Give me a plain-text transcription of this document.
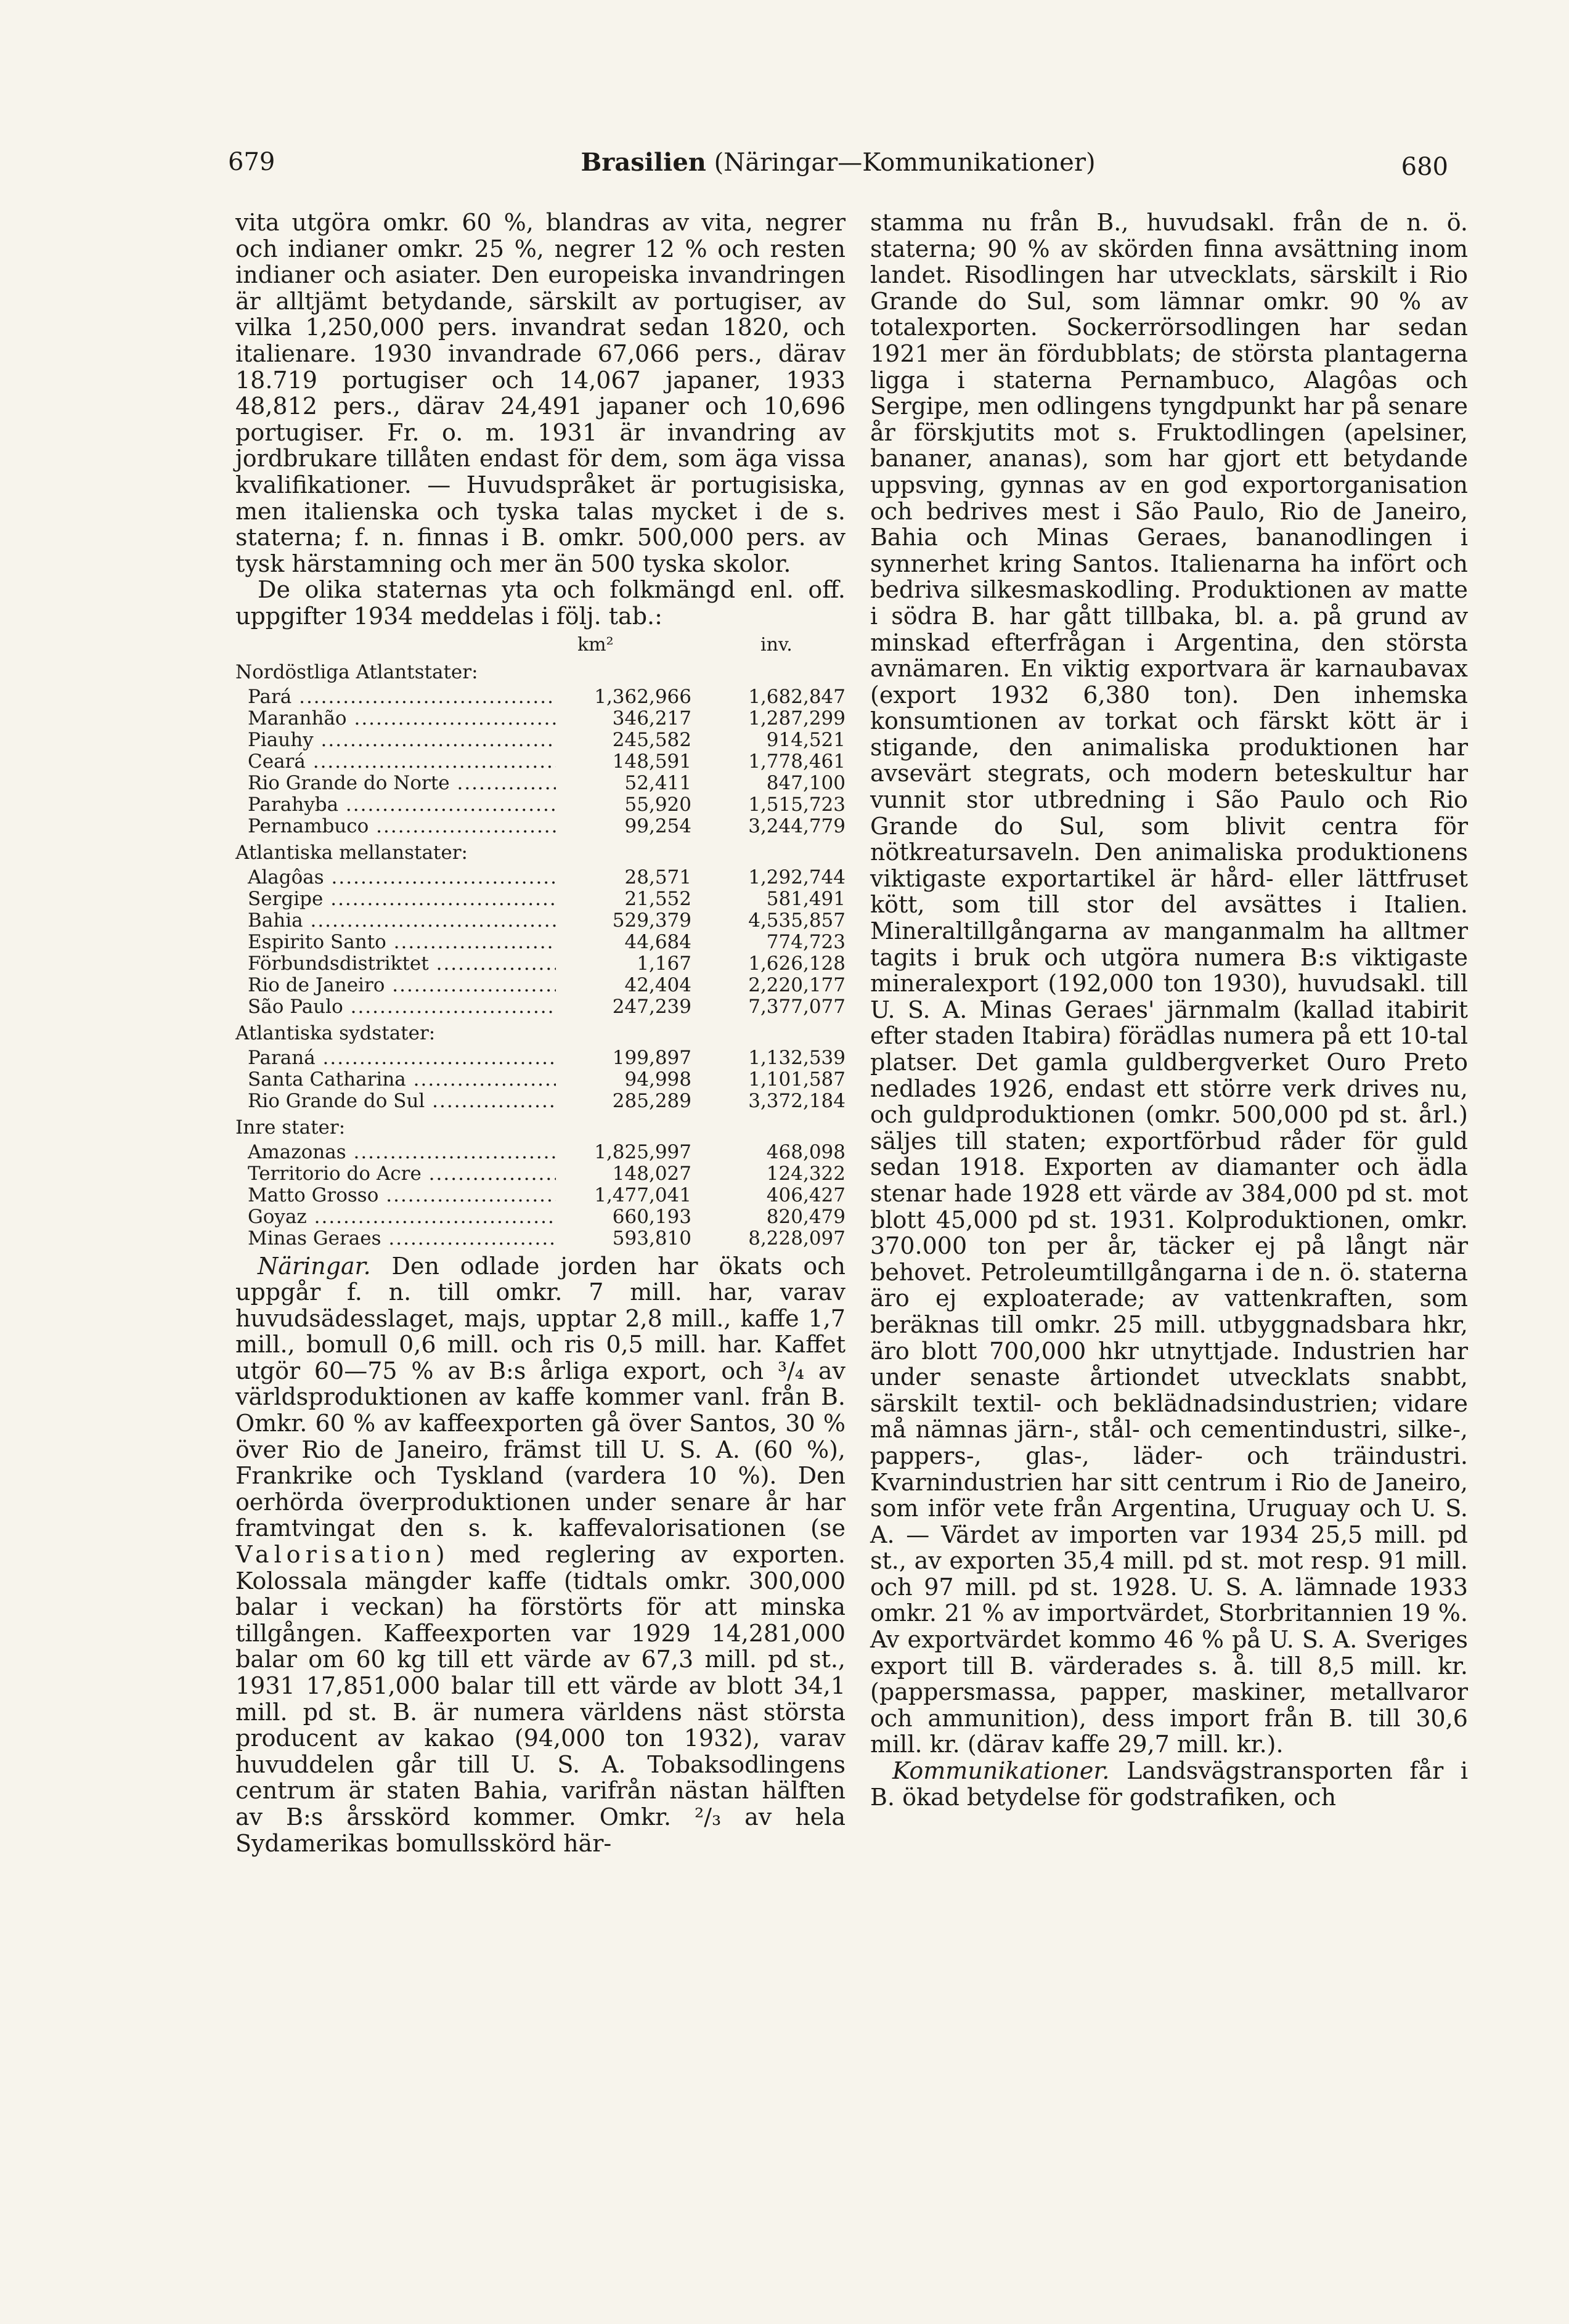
679	Brasilien (Näringar—Kommunikationer)	680

vita utgöra omkr. 60 %, blandras av vita, negrer och indianer omkr. 25 %, negrer 12 % och resten indianer och asiater. Den europeiska invandringen är alltjämt betydande, särskilt av portugiser, av vilka 1,250,000 pers. invandrat sedan 1820, och italienare. 1930 invandrade 67,066 pers., därav 18.719 portugiser och 14,067 japaner, 1933 48,812 pers., därav 24,491 japaner och 10,696 portugiser. Fr. o. m. 1931 är invandring av jordbrukare tillåten endast för dem, som äga vissa kvalifikationer. — Huvudspråket är portugisiska, men italienska och tyska talas mycket i de s. staterna; f. n. finnas i B. omkr. 500,000 pers. av tysk härstamning och mer än 500 tyska skolor.

De olika staternas yta och folkmängd enl. off. uppgifter 1934 meddelas i följ. tab.:

km²	inv.
Nordöstliga Atlantstater:
Pará .....	1,362,966	1,682,847
Maranhão .....	346,217	1,287,299
Piauhy .....	245,582	914,521
Ceará .....	148,591	1,778,461
Rio Grande do Norte .....	52,411	847,100
Parahyba .....	55,920	1,515,723
Pernambuco .....	99,254	3,244,779
Atlantiska mellanstater:
Alagôas .....	28,571	1,292,744
Sergipe .....	21,552	581,491
Bahia .....	529,379	4,535,857
Espirito Santo .....	44,684	774,723
Förbundsdistriktet .....	1,167	1,626,128
Rio de Janeiro .....	42,404	2,220,177
São Paulo .....	247,239	7,377,077
Atlantiska sydstater:
Paraná .....	199,897	1,132,539
Santa Catharina .....	94,998	1,101,587
Rio Grande do Sul .....	285,289	3,372,184
Inre stater:
Amazonas .....	1,825,997	468,098
Territorio do Acre .....	148,027	124,322
Matto Grosso .....	1,477,041	406,427
Goyaz .....	660,193	820,479
Minas Geraes .....	593,810	8,228,097

Näringar. Den odlade jorden har ökats och uppgår f. n. till omkr. 7 mill. har, varav huvudsädesslaget, majs, upptar 2,8 mill., kaffe 1,7 mill., bomull 0,6 mill. och ris 0,5 mill. har. Kaffet utgör 60—75 % av B:s årliga export, och ³/₄ av världsproduktionen av kaffe kommer vanl. från B. Omkr. 60 % av kaffeexporten gå över Santos, 30 % över Rio de Janeiro, främst till U. S. A. (60 %), Frankrike och Tyskland (vardera 10 %). Den oerhörda överproduktionen under senare år har framtvingat den s. k. kaffevalorisationen (se Valorisation) med reglering av exporten. Kolossala mängder kaffe (tidtals omkr. 300,000 balar i veckan) ha förstörts för att minska tillgången. Kaffeexporten var 1929 14,281,000 balar om 60 kg till ett värde av 67,3 mill. pd st., 1931 17,851,000 balar till ett värde av blott 34,1 mill. pd st. B. är numera världens näst största producent av kakao (94,000 ton 1932), varav huvuddelen går till U. S. A. Tobaksodlingens centrum är staten Bahia, varifrån nästan hälften av B:s årsskörd kommer. Omkr. ²/₃ av hela Sydamerikas bomullsskörd här-

stamma nu från B., huvudsakl. från de n. ö. staterna; 90 % av skörden finna avsättning inom landet. Risodlingen har utvecklats, särskilt i Rio Grande do Sul, som lämnar omkr. 90 % av totalexporten. Sockerrörsodlingen har sedan 1921 mer än fördubblats; de största plantagerna ligga i staterna Pernambuco, Alagôas och Sergipe, men odlingens tyngdpunkt har på senare år förskjutits mot s. Fruktodlingen (apelsiner, bananer, ananas), som har gjort ett betydande uppsving, gynnas av en god exportorganisation och bedrives mest i São Paulo, Rio de Janeiro, Bahia och Minas Geraes, bananodlingen i synnerhet kring Santos. Italienarna ha infört och bedriva silkesmaskodling. Produktionen av matte i södra B. har gått tillbaka, bl. a. på grund av minskad efterfrågan i Argentina, den största avnämaren. En viktig exportvara är karnaubavax (export 1932 6,380 ton). Den inhemska konsumtionen av torkat och färskt kött är i stigande, den animaliska produktionen har avsevärt stegrats, och modern beteskultur har vunnit stor utbredning i São Paulo och Rio Grande do Sul, som blivit centra för nötkreatursaveln. Den animaliska produktionens viktigaste exportartikel är hård- eller lättfruset kött, som till stor del avsättes i Italien. Mineraltillgångarna av manganmalm ha alltmer tagits i bruk och utgöra numera B:s viktigaste mineralexport (192,000 ton 1930), huvudsakl. till U. S. A. Minas Geraes' järnmalm (kallad itabirit efter staden Itabira) förädlas numera på ett 10-tal platser. Det gamla guldbergverket Ouro Preto nedlades 1926, endast ett större verk drives nu, och guldproduktionen (omkr. 500,000 pd st. årl.) säljes till staten; exportförbud råder för guld sedan 1918. Exporten av diamanter och ädla stenar hade 1928 ett värde av 384,000 pd st. mot blott 45,000 pd st. 1931. Kolproduktionen, omkr. 370.000 ton per år, täcker ej på långt när behovet. Petroleumtillgångarna i de n. ö. staterna äro ej exploaterade; av vattenkraften, som beräknas till omkr. 25 mill. utbyggnadsbara hkr, äro blott 700,000 hkr utnyttjade. Industrien har under senaste årtiondet utvecklats snabbt, särskilt textil- och beklädnadsindustrien; vidare må nämnas järn-, stål- och cementindustri, silke-, pappers-, glas-, läder- och träindustri. Kvarnindustrien har sitt centrum i Rio de Janeiro, som inför vete från Argentina, Uruguay och U. S. A. — Värdet av importen var 1934 25,5 mill. pd st., av exporten 35,4 mill. pd st. mot resp. 91 mill. och 97 mill. pd st. 1928. U. S. A. lämnade 1933 omkr. 21 % av importvärdet, Storbritannien 19 %. Av exportvärdet kommo 46 % på U. S. A. Sveriges export till B. värderades s. å. till 8,5 mill. kr. (pappersmassa, papper, maskiner, metallvaror och ammunition), dess import från B. till 30,6 mill. kr. (därav kaffe 29,7 mill. kr.).

Kommunikationer. Landsvägstransporten får i B. ökad betydelse för godstrafiken, och
